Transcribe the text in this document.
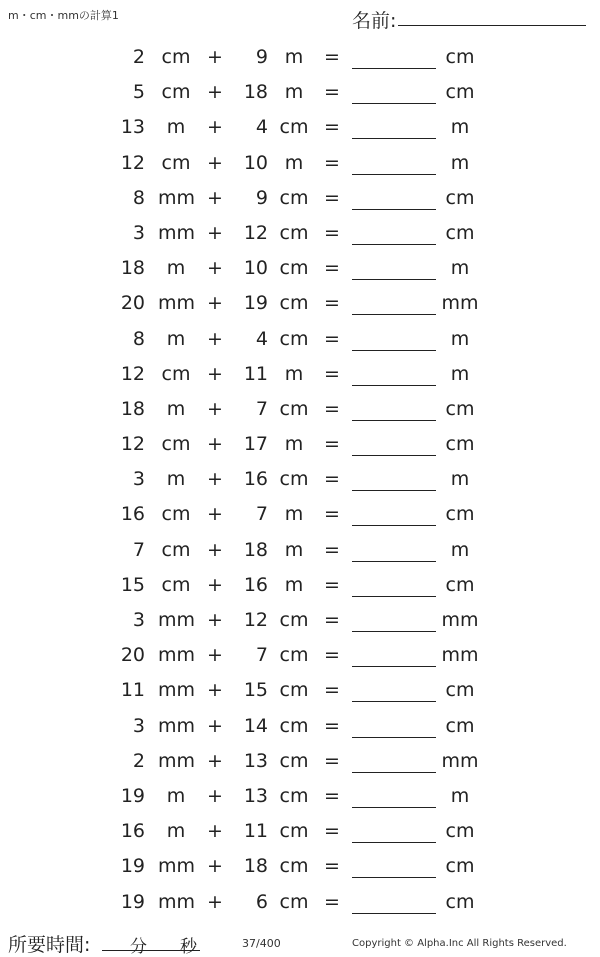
m・cm・mmの計算1	名前:
2 cm +	9 m	=	cm
5 cm +	18 m	=	cm
13	m	+	4 cm =	m
12 cm +	10 m	=	m
8 mm +	9 cm =	cm
3 mm +	12 cm =	cm
18	m	+	10 cm =	m
20 mm +	19 cm =	mm
8	m	+	4 cm =	m
12 cm +	11 m	=	m
18	m	+	7 cm =	cm
12 cm +	17 m	=	cm
3	m	+	16 cm =	m
16 cm +	7 m	=	cm
7 cm +	18 m	=	m
15 cm +	16 m	=	cm
3 mm +	12 cm =	mm
20 mm +	7 cm =	mm
11 mm +	15 cm =	cm
3 mm +	14 cm =	cm
2 mm +	13 cm =	mm
19	m	+	13 cm =	m
16	m	+	11 cm =	cm
19 mm +	18 cm =	cm
19 mm +	6 cm =	cm
所要時間: 分 秒	37/400	Copyright © Alpha.Inc All Rights Reserved.
